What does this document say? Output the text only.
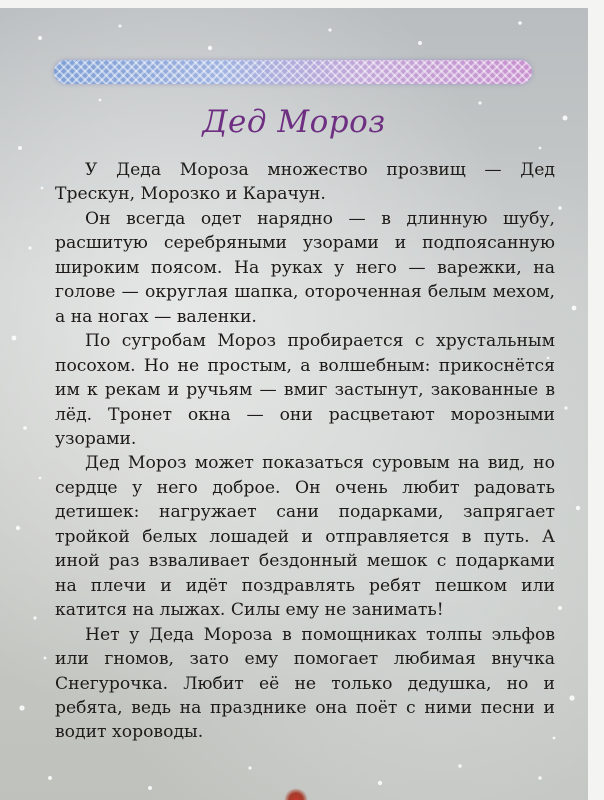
Дед Мороз

У Деда Мороза множество прозвищ — Дед Трескун, Морозко и Карачун.

Он всегда одет нарядно — в длинную шубу, расшитую серебряными узорами и подпоясанную широким поясом. На руках у него — варежки, на голове — округлая шапка, отороченная белым мехом, а на ногах — валенки.

По сугробам Мороз пробирается с хрустальным посохом. Но не простым, а волшебным: прикоснётся им к рекам и ручьям — вмиг застынут, закованные в лёд. Тронет окна — они расцветают морозными узорами.

Дед Мороз может показаться суровым на вид, но сердце у него доброе. Он очень любит радовать детишек: нагружает сани подарками, запрягает тройкой белых лошадей и отправляется в путь. А иной раз взваливает бездонный мешок с подарками на плечи и идёт поздравлять ребят пешком или катится на лыжах. Силы ему не занимать!

Нет у Деда Мороза в помощниках толпы эльфов или гномов, зато ему помогает любимая внучка Снегурочка. Любит её не только дедушка, но и ребята, ведь на празднике она поёт с ними песни и водит хороводы.
